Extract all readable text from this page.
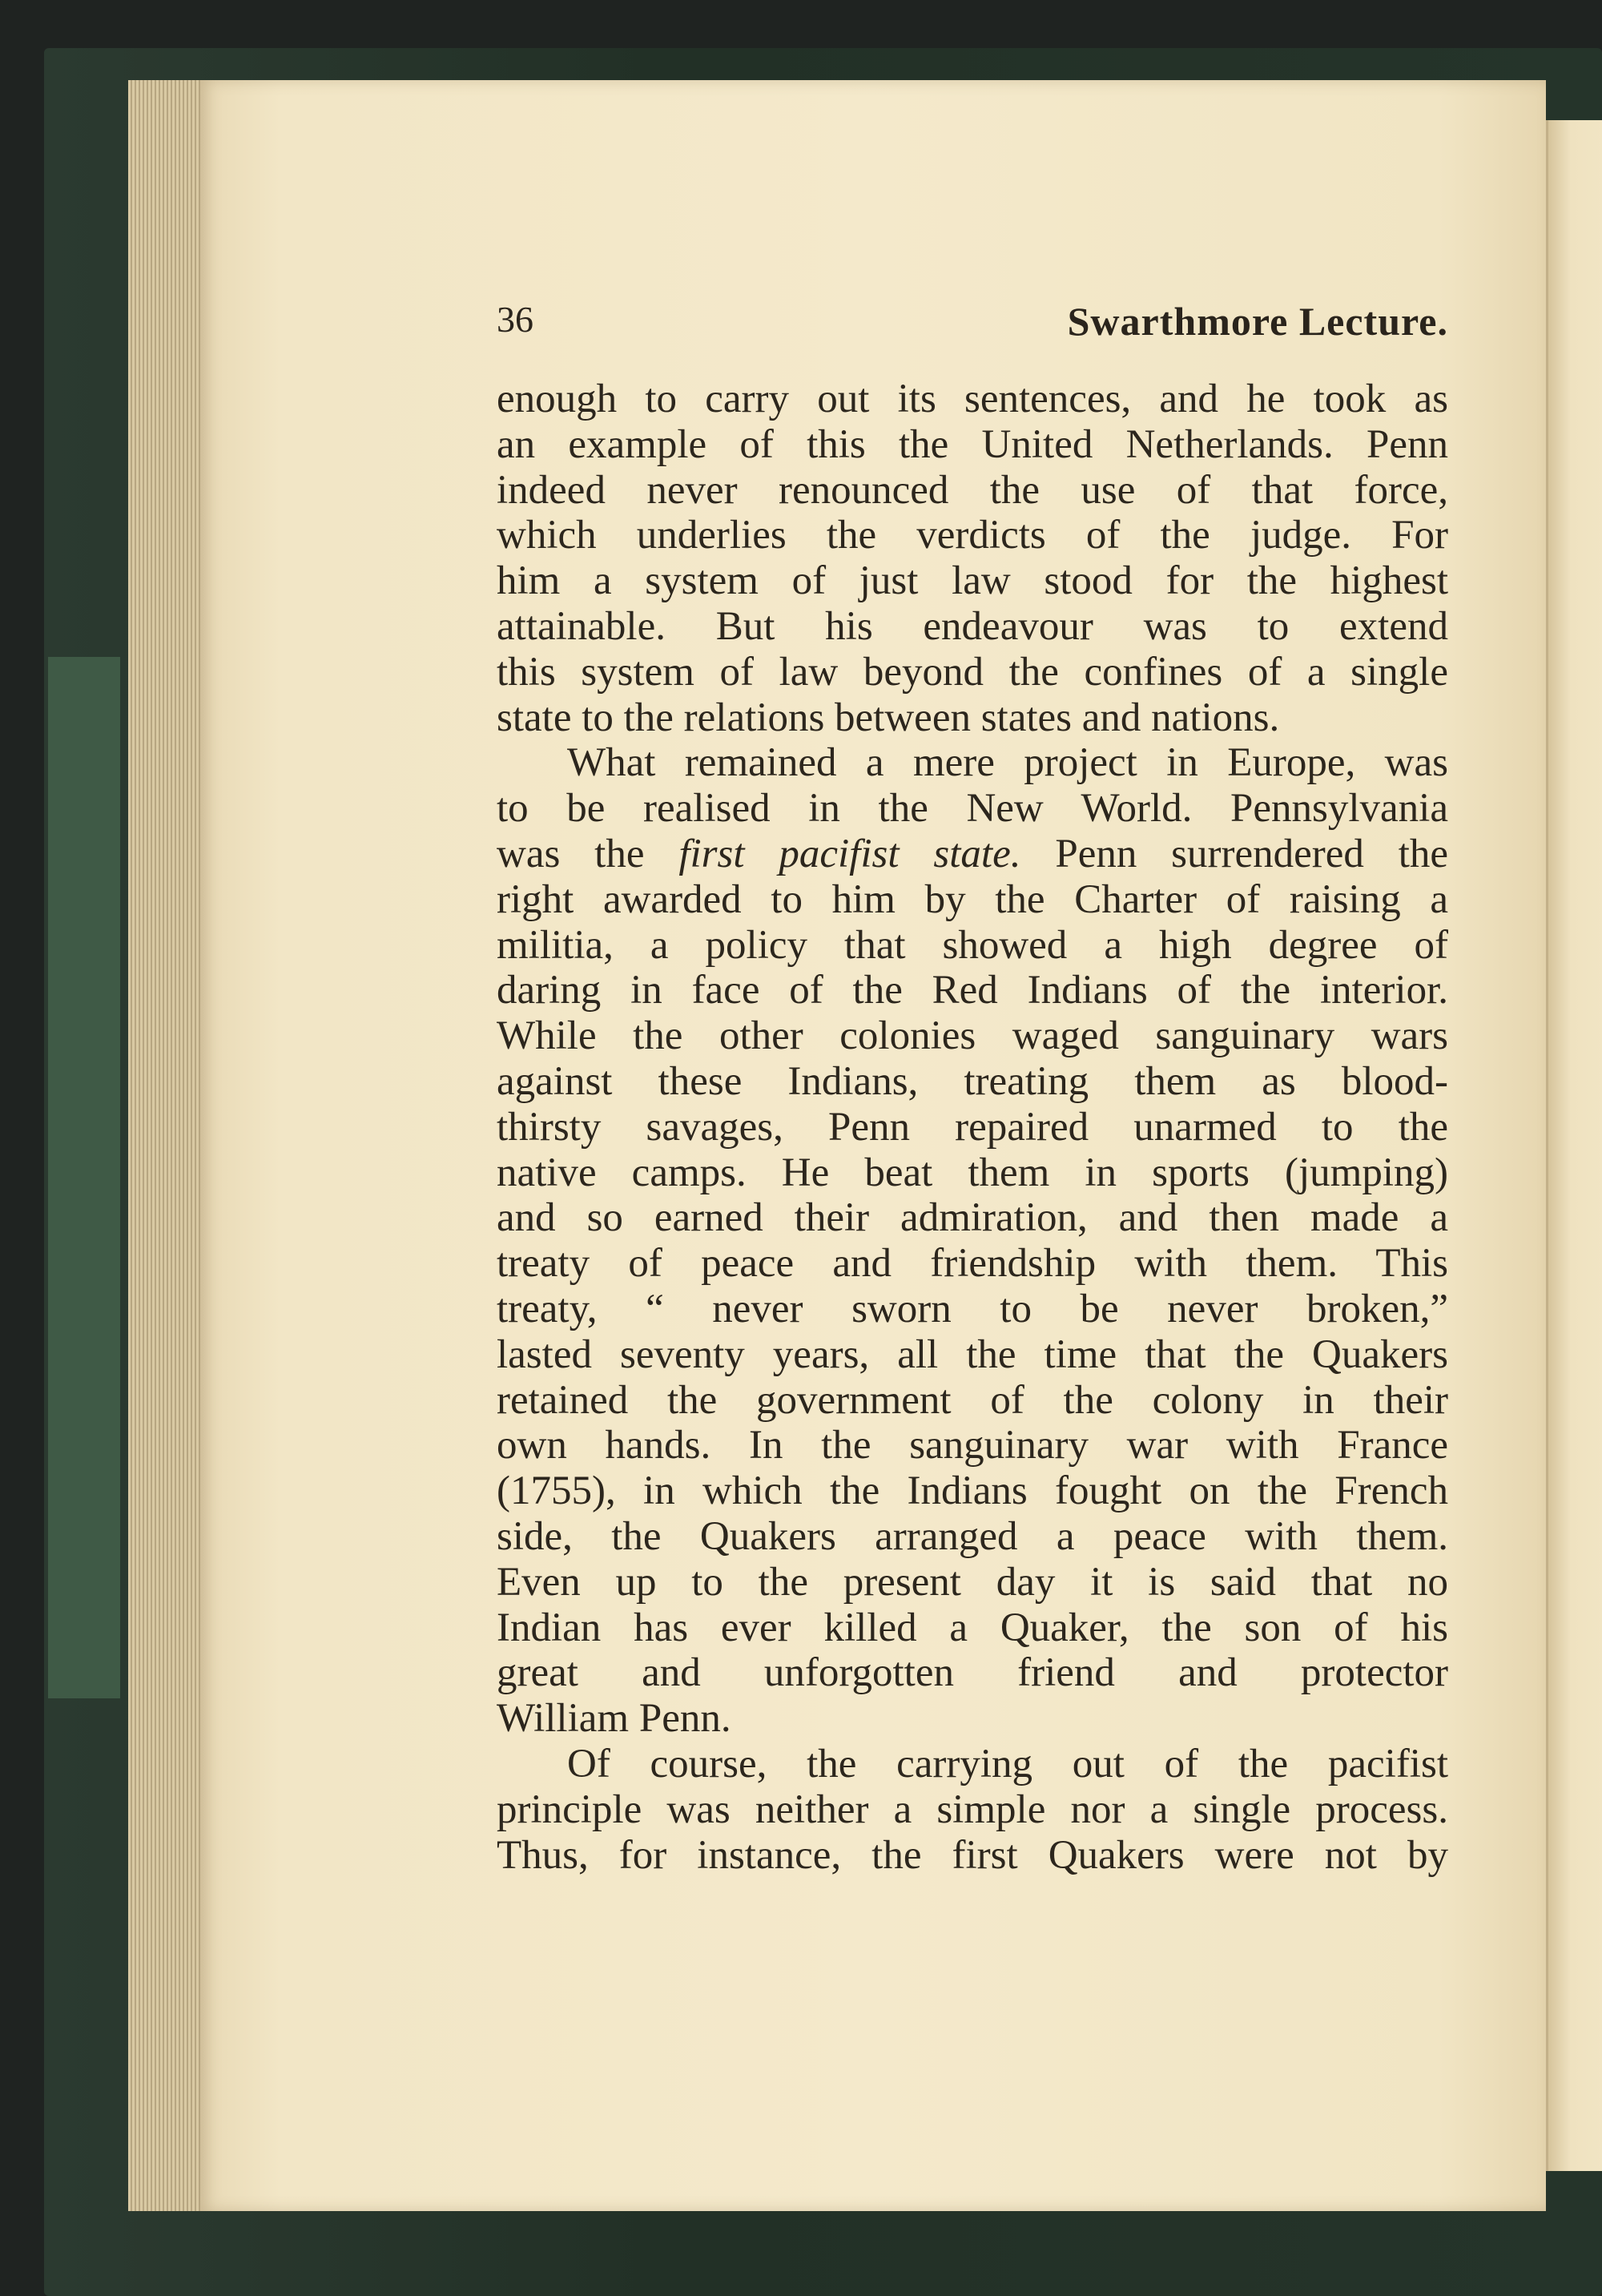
36	Swarthmore Lecture.
enough to carry out its sentences, and he took as
an example of this the United Netherlands. Penn
indeed never renounced the use of that force,
which underlies the verdicts of the judge. For
him a system of just law stood for the highest
attainable. But his endeavour was to extend
this system of law beyond the confines of a single
state to the relations between states and nations.
What remained a mere project in Europe, was
to be realised in the New World. Pennsylvania
was the first pacifist state. Penn surrendered the
right awarded to him by the Charter of raising a
militia, a policy that showed a high degree of
daring in face of the Red Indians of the interior.
While the other colonies waged sanguinary wars
against these Indians, treating them as blood-
thirsty savages, Penn repaired unarmed to the
native camps. He beat them in sports (jumping)
and so earned their admiration, and then made a
treaty of peace and friendship with them. This
treaty, “ never sworn to be never broken,”
lasted seventy years, all the time that the Quakers
retained the government of the colony in their
own hands. In the sanguinary war with France
(1755), in which the Indians fought on the French
side, the Quakers arranged a peace with them.
Even up to the present day it is said that no
Indian has ever killed a Quaker, the son of his
great and unforgotten friend and protector
William Penn.
Of course, the carrying out of the pacifist
principle was neither a simple nor a single process.
Thus, for instance, the first Quakers were not by
